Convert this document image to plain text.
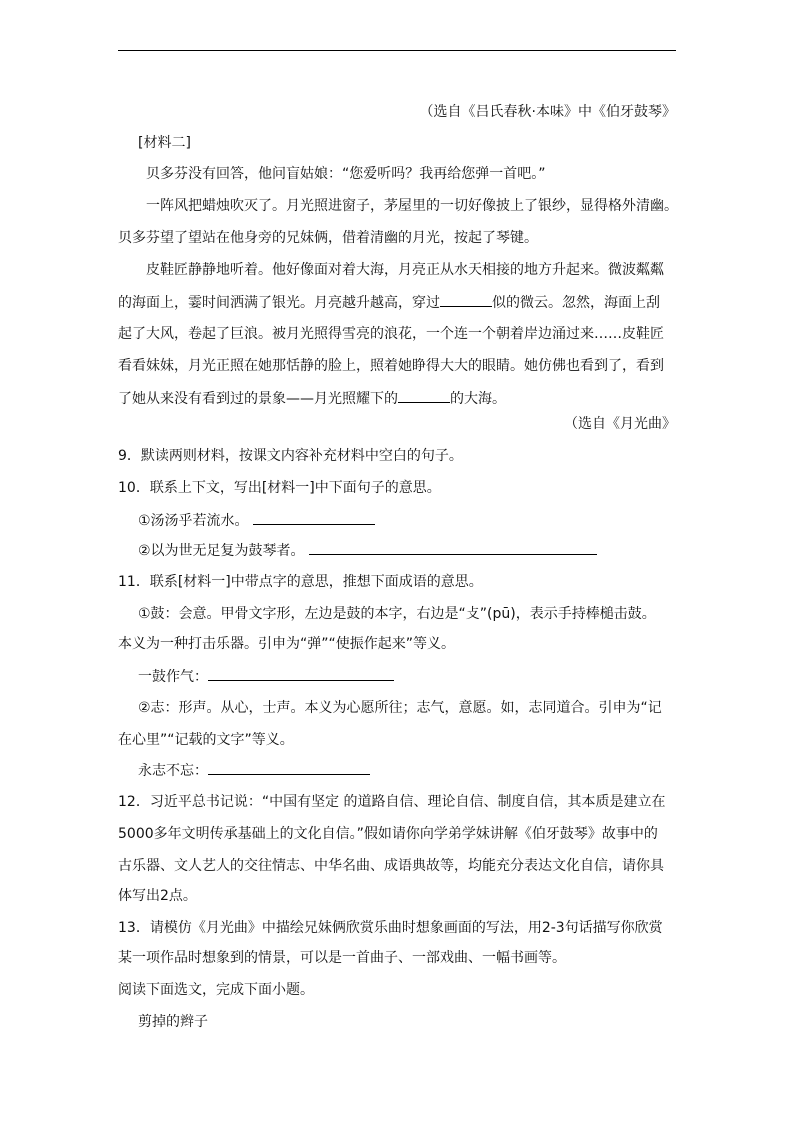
（选自《吕氏春秋·本味》中《伯牙鼓琴》
[材料二]
贝多芬没有回答，他问盲姑娘：“您爱听吗？我再给您弹一首吧。”
一阵风把蜡烛吹灭了。月光照进窗子，茅屋里的一切好像披上了银纱，显得格外清幽。
贝多芬望了望站在他身旁的兄妹俩，借着清幽的月光，按起了琴键。
皮鞋匠静静地听着。他好像面对着大海，月亮正从水天相接的地方升起来。微波粼粼
的海面上，霎时间洒满了银光。月亮越升越高，穿过	似的微云。忽然，海面上刮
起了大风，卷起了巨浪。被月光照得雪亮的浪花，一个连一个朝着岸边涌过来……皮鞋匠
看看妹妹，月光正照在她那恬静的脸上，照着她睁得大大的眼睛。她仿佛也看到了，看到
了她从来没有看到过的景象——月光照耀下的	的大海。
（选自《月光曲》
9．默读两则材料，按课文内容补充材料中空白的句子。
10．联系上下文，写出[材料一]中下面句子的意思。
①汤汤乎若流水。
②以为世无足复为鼓琴者。
11．联系[材料一]中带点字的意思，推想下面成语的意思。
①鼓：会意。甲骨文字形，左边是鼓的本字，右边是“攴”(pū)，表示手持棒槌击鼓。
本义为一种打击乐器。引申为“弹”“使振作起来”等义。
一鼓作气：
②志：形声。从心，士声。本义为心愿所往；志气，意愿。如，志同道合。引申为“记
在心里”“记载的文字”等义。
永志不忘：
12．习近平总书记说：“中国有坚定 的道路自信、理论自信、制度自信，其本质是建立在
5000多年文明传承基础上的文化自信。”假如请你向学弟学妹讲解《伯牙鼓琴》故事中的
古乐器、文人艺人的交往情志、中华名曲、成语典故等，均能充分表达文化自信，请你具
体写出2点。
13．请模仿《月光曲》中描绘兄妹俩欣赏乐曲时想象画面的写法，用2-3句话描写你欣赏
某一项作品时想象到的情景，可以是一首曲子、一部戏曲、一幅书画等。
阅读下面选文，完成下面小题。
剪掉的辫子
